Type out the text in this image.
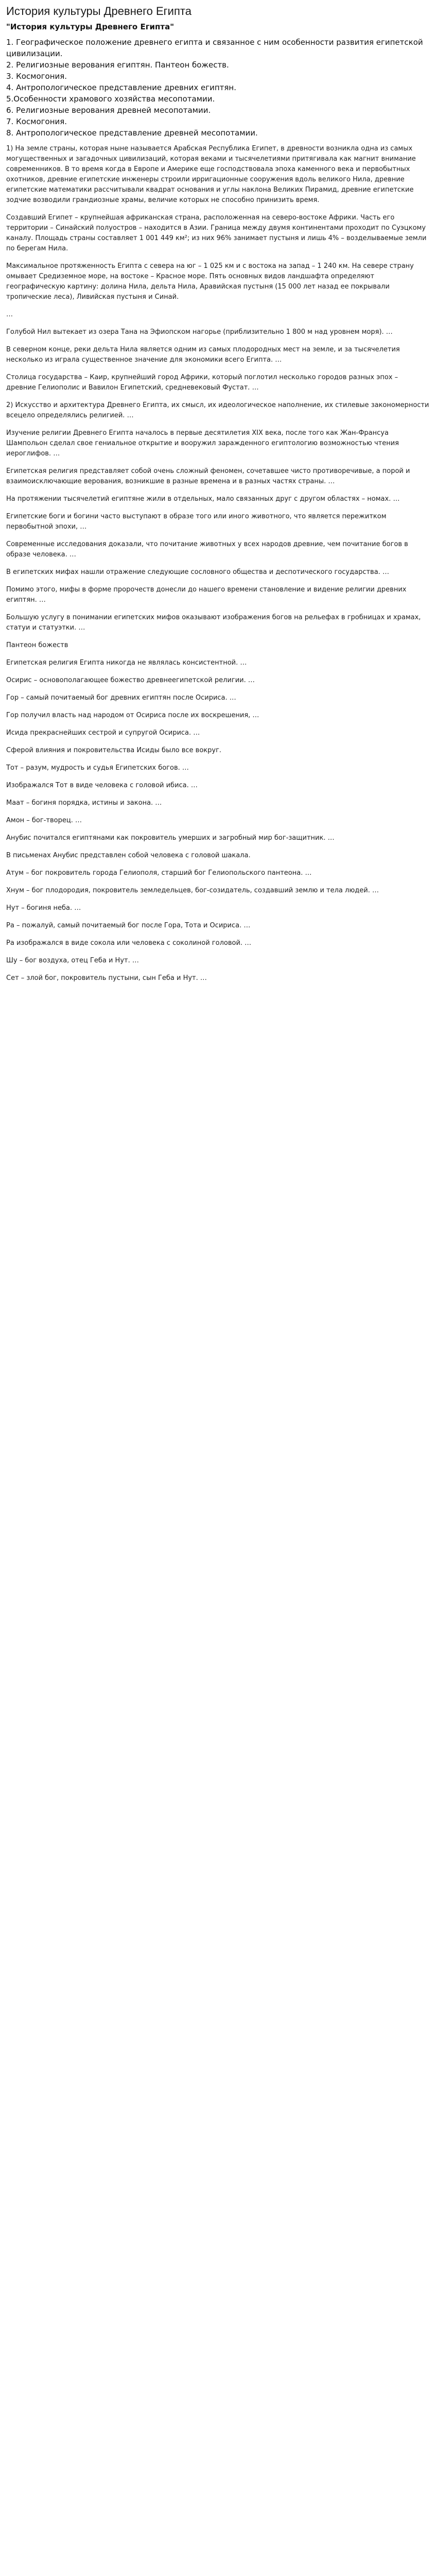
История культуры Древнего Египта
"История культуры Древнего Египта"
1. Географическое положение древнего египта и связанное с ним особенности развития египетской цивилизации.
2. Религиозные верования египтян. Пантеон божеств.
3. Космогония.
4. Антропологическое представление древних египтян.
5.Особенности храмового хозяйства месопотамии.
6. Религиозные верования древней месопотамии.
7. Космогония.
8. Антропологическое представление древней месопотамии.

1) На земле страны, которая ныне называется Арабская Республика Египет, в древности возникла одна из самых могущественных и загадочных цивилизаций, которая веками и тысячелетиями притягивала как магнит внимание современников. В то время когда в Европе и Америке еще господствовала эпоха каменного века и первобытных охотников, древние египетские инженеры строили ирригационные сооружения вдоль великого Нила, древние египетские математики рассчитывали квадрат основания и углы наклона Великих Пирамид, древние египетские зодчие возводили грандиозные храмы, величие которых не способно принизить время.

Создавший Египет – крупнейшая африканская страна, расположенная на северо-востоке Африки. Часть его территории – Синайский полуостров – находится в Азии. Граница между двумя континентами проходит по Суэцкому каналу. Площадь страны составляет 1 001 449 км²; из них 96% занимает пустыня и лишь 4% – возделываемые земли по берегам Нила.

Максимальное протяженность Египта с севера на юг – 1 025 км и с востока на запад – 1 240 км. На севере страну омывает Средиземное море, на востоке – Красное море. Пять основных видов ландшафта определяют географическую картину: долина Нила, дельта Нила, Аравийская пустыня (15 000 лет назад ее покрывали тропические леса), Ливийская пустыня и Синай.

…

Голубой Нил вытекает из озера Тана на Эфиопском нагорье (приблизительно 1 800 м над уровнем моря). …

В северном конце, реки дельта Нила является одним из самых плодородных мест на земле, и за тысячелетия несколько из играла существенное значение для экономики всего Египта. …

Столица государства – Каир, крупнейший город Африки, который поглотил несколько городов разных эпох – древние Гелиополис и Вавилон Египетский, средневековый Фустат. …

2) Искусство и архитектура Древнего Египта, их смысл, их идеологическое наполнение, их стилевые закономерности всецело определялись религией. …

Изучение религии Древнего Египта началось в первые десятилетия XIX века, после того как Жан-Франсуа Шампольон сделал свое гениальное открытие и вооружил заражденного египтологию возможностью чтения иероглифов. …

Египетская религия представляет собой очень сложный феномен, сочетавшее чисто противоречивые, а порой и взаимоисключающие верования, возникшие в разные времена и в разных частях страны. …

На протяжении тысячелетий египтяне жили в отдельных, мало связанных друг с другом областях – номах. …

Египетские боги и богини часто выступают в образе того или иного животного, что является пережитком первобытной эпохи, …

Современные исследования доказали, что почитание животных у всех народов древние, чем почитание богов в образе человека. …

В египетских мифах нашли отражение следующие сословного общества и деспотического государства. …

Помимо этого, мифы в форме пророчеств донесли до нашего времени становление и видение религии древних египтян. …

Большую услугу в понимании египетских мифов оказывают изображения богов на рельефах в гробницах и храмах, статуи и статуэтки. …

Пантеон божеств

Египетская религия Египта никогда не являлась консистентной. …

Осирис – основополагающее божество древнеегипетской религии. …

Гор – самый почитаемый бог древних египтян после Осириса. …

Гор получил власть над народом от Осириса после их воскрешения, …

Исида прекраснейших сестрой и супругой Осириса. …

Сферой влияния и покровительства Исиды было все вокруг.

Тот – разум, мудрость и судья Египетских богов. …

Изображался Тот в виде человека с головой ибиса. …

Маат – богиня порядка, истины и закона. …

Амон – бог-творец. …

Анубис почитался египтянами как покровитель умерших и загробный мир бог-защитник. …

В письменах Анубис представлен собой человека с головой шакала.

Атум – бог покровитель города Гелиополя, старший бог Гелиопольского пантеона. …

Хнум – бог плодородия, покровитель земледельцев, бог-созидатель, создавший землю и тела людей. …

Нут – богиня неба. …

Ра – пожалуй, самый почитаемый бог после Гора, Тота и Осириса. …

Ра изображался в виде сокола или человека с соколиной головой. …

Шу – бог воздуха, отец Геба и Нут. …

Сет – злой бог, покровитель пустыни, сын Геба и Нут. …
